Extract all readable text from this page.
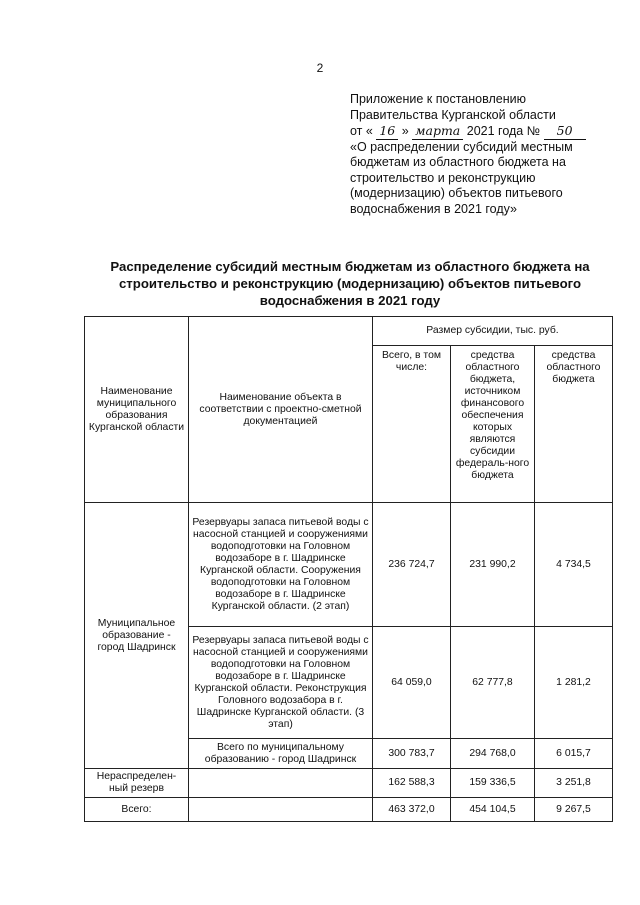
2
Приложение к постановлению
Правительства Курганской области
от « 16 » марта 2021 года № 50
«О распределении субсидий местным
бюджетам из областного бюджета на
строительство и реконструкцию
(модернизацию) объектов питьевого
водоснабжения в 2021 году»
Распределение субсидий местным бюджетам из областного бюджета на
строительство и реконструкцию (модернизацию) объектов питьевого
водоснабжения в 2021 году
Наименование муниципального образования Курганской области	Наименование объекта в соответствии с проектно-сметной документацией	Размер субсидии, тыс. руб.		
		Всего, в том числе:	средства областного бюджета, источником финансового обеспечения которых являются субсидии федераль-ного бюджета	средства областного бюджета
Муниципальное образование - город Шадринск	Резервуары запаса питьевой воды с насосной станцией и сооружениями водоподготовки на Головном водозаборе в г. Шадринске Курганской области. Сооружения водоподготовки на Головном водозаборе в г. Шадринске Курганской области. (2 этап)	236 724,7	231 990,2	4 734,5
	Резервуары запаса питьевой воды с насосной станцией и сооружениями водоподготовки на Головном водозаборе в г. Шадринске Курганской области. Реконструкция Головного водозабора в г. Шадринске Курганской области. (3 этап)	64 059,0	62 777,8	1 281,2
	Всего по муниципальному образованию - город Шадринск	300 783,7	294 768,0	6 015,7
Нераспределен-ный резерв		162 588,3	159 336,5	3 251,8
Всего:		463 372,0	454 104,5	9 267,5
